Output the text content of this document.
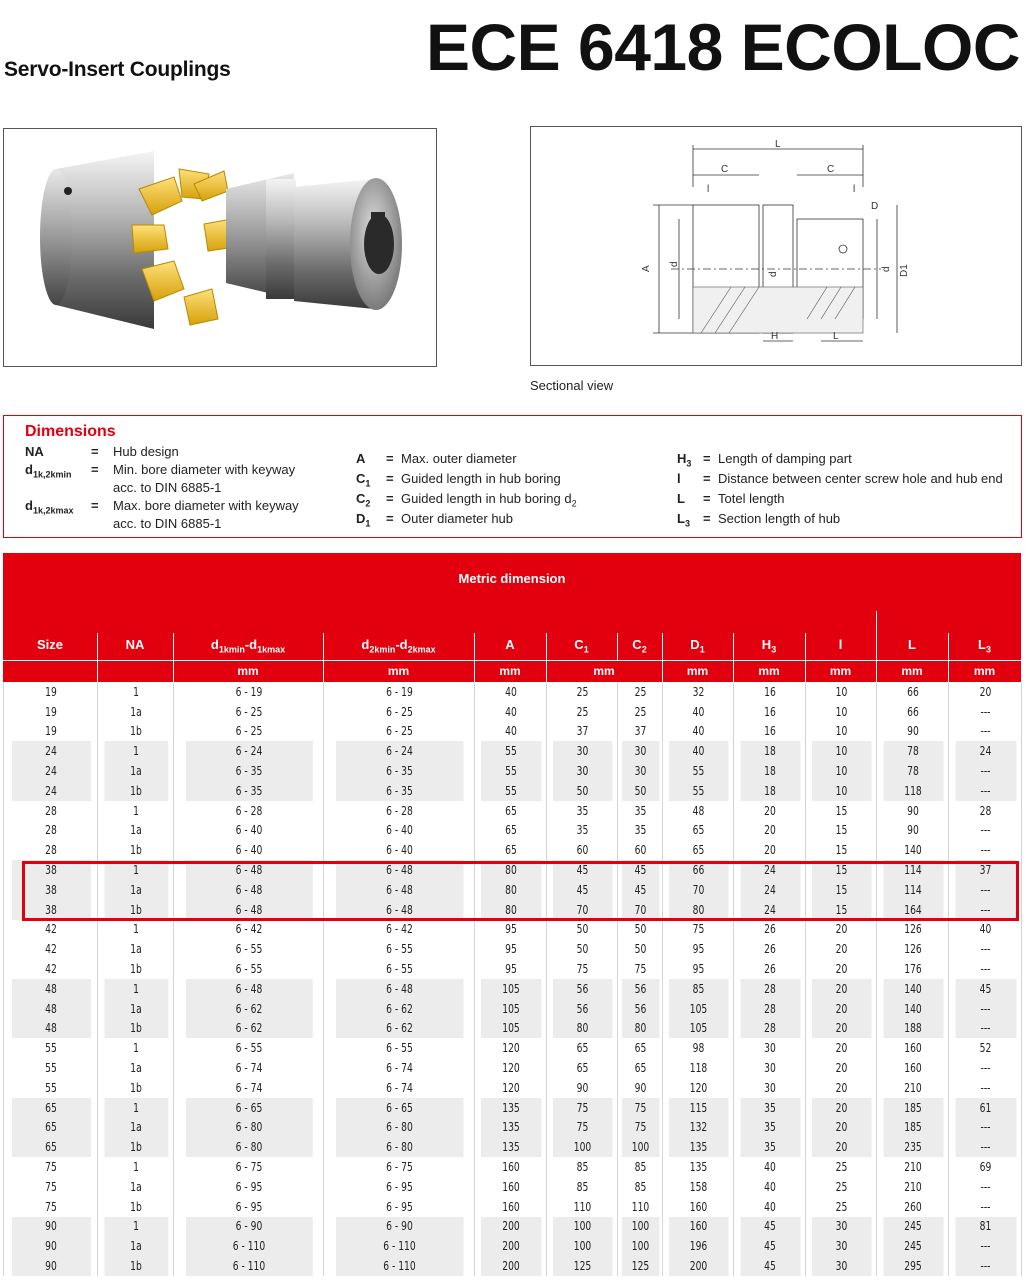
Servo-Insert Couplings	ECE 6418 ECOLOC
L
C	C
A
d
d D1
D
d
H	L
l	l
Sectional view
Dimensions
NA	= Hub design
$d_{1k,2kmin}$ = Min. bore diameter with keyway
acc. to DIN 6885-1
$d_{1k,2kmax}$ = Max. bore diameter with keyway
acc. to DIN 6885-1
A = Max. outer diameter
$C_1$ = Guided length in hub boring
$C_2$ = Guided length in hub boring $d_2$
$D_1$ = Outer diameter hub
$H_3$ = Length of damping part
l = Distance between center screw hole and hub end
L = Totel length
$L_3$ = Section length of hub
Metric dimension
Size	NA	$d_{1kmin}-d_{1kmax}$	$d_{2kmin}-d_{2kmax}$	A	$C_1$	$C_2$	$D_1$	$H_3$	l	L	$L_3$
mm	mm	mm	mm	mm	mm	mm	mm	mm
19	1	6 - 19	6 - 19	40	25	25	32	16	10	66	20
19	1a	6 - 25	6 - 25	40	25	25	40	16	10	66	---
19	1b	6 - 25	6 - 25	40	37	37	40	16	10	90	---
24	1	6 - 24	6 - 24	55	30	30	40	18	10	78	24
24	1a	6 - 35	6 - 35	55	30	30	55	18	10	78	---
24	1b	6 - 35	6 - 35	55	50	50	55	18	10	118	---
28	1	6 - 28	6 - 28	65	35	35	48	20	15	90	28
28	1a	6 - 40	6 - 40	65	35	35	65	20	15	90	---
28	1b	6 - 40	6 - 40	65	60	60	65	20	15	140	---
38	1	6 - 48	6 - 48	80	45	45	66	24	15	114	37
38	1a	6 - 48	6 - 48	80	45	45	70	24	15	114	---
38	1b	6 - 48	6 - 48	80	70	70	80	24	15	164	---
42	1	6 - 42	6 - 42	95	50	50	75	26	20	126	40
42	1a	6 - 55	6 - 55	95	50	50	95	26	20	126	---
42	1b	6 - 55	6 - 55	95	75	75	95	26	20	176	---
48	1	6 - 48	6 - 48	105	56	56	85	28	20	140	45
48	1a	6 - 62	6 - 62	105	56	56	105	28	20	140	---
48	1b	6 - 62	6 - 62	105	80	80	105	28	20	188	---
55	1	6 - 55	6 - 55	120	65	65	98	30	20	160	52
55	1a	6 - 74	6 - 74	120	65	65	118	30	20	160	---
55	1b	6 - 74	6 - 74	120	90	90	120	30	20	210	---
65	1	6 - 65	6 - 65	135	75	75	115	35	20	185	61
65	1a	6 - 80	6 - 80	135	75	75	132	35	20	185	---
65	1b	6 - 80	6 - 80	135	100	100	135	35	20	235	---
75	1	6 - 75	6 - 75	160	85	85	135	40	25	210	69
75	1a	6 - 95	6 - 95	160	85	85	158	40	25	210	---
75	1b	6 - 95	6 - 95	160	110	110	160	40	25	260	---
90	1	6 - 90	6 - 90	200	100	100	160	45	30	245	81
90	1a	6 - 110	6 - 110	200	100	100	196	45	30	245	---
90	1b	6 - 110	6 - 110	200	125	125	200	45	30	295	---
